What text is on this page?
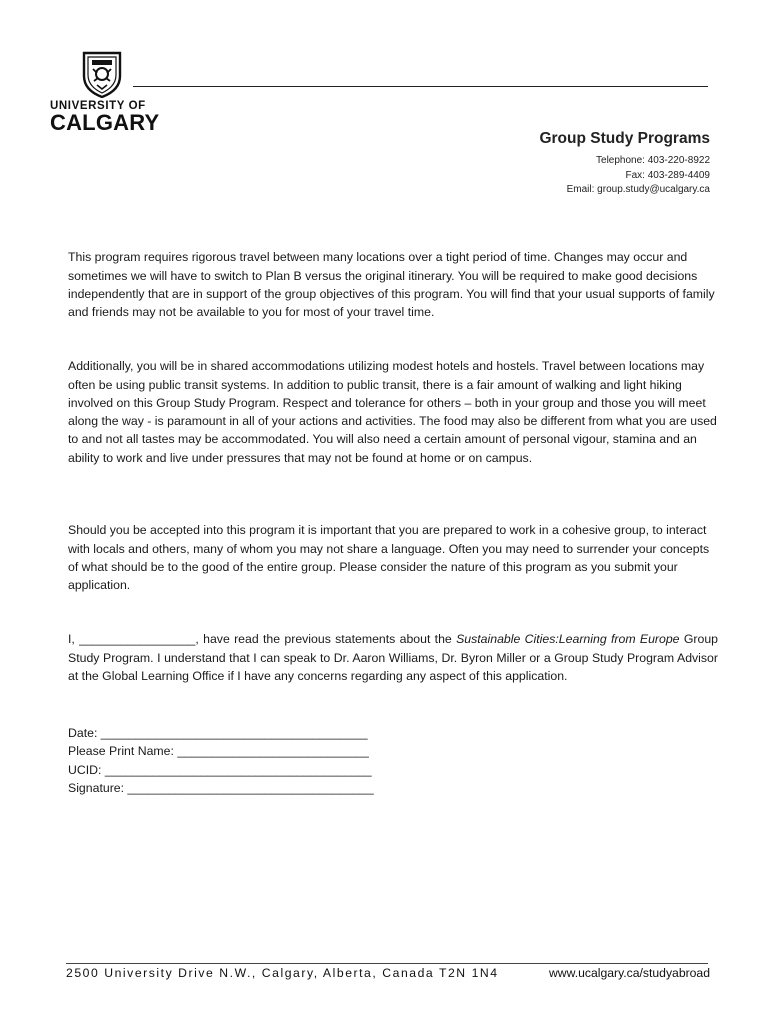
UNIVERSITY OF
CALGARY
Group Study Programs
Telephone: 403-220-8922
Fax: 403-289-4409
Email: group.study@ucalgary.ca

This program requires rigorous travel between many locations over a tight period of time. Changes may occur and sometimes we will have to switch to Plan B versus the original itinerary. You will be required to make good decisions independently that are in support of the group objectives of this program. You will find that your usual supports of family and friends may not be available to you for most of your travel time.

Additionally, you will be in shared accommodations utilizing modest hotels and hostels. Travel between locations may often be using public transit systems. In addition to public transit, there is a fair amount of walking and light hiking involved on this Group Study Program. Respect and tolerance for others – both in your group and those you will meet along the way - is paramount in all of your actions and activities. The food may also be different from what you are used to and not all tastes may be accommodated. You will also need a certain amount of personal vigour, stamina and an ability to work and live under pressures that may not be found at home or on campus.

Should you be accepted into this program it is important that you are prepared to work in a cohesive group, to interact with locals and others, many of whom you may not share a language. Often you may need to surrender your concepts of what should be to the good of the entire group. Please consider the nature of this program as you submit your application.

I, _________________, have read the previous statements about the Sustainable Cities:Learning from Europe Group Study Program. I understand that I can speak to Dr. Aaron Williams, Dr. Byron Miller or a Group Study Program Advisor at the Global Learning Office if I have any concerns regarding any aspect of this application.

Date: _______________________________________
Please Print Name: ____________________________
UCID: _______________________________________
Signature: ____________________________________
2500 University Drive N.W., Calgary, Alberta, Canada T2N 1N4	www.ucalgary.ca/studyabroad
